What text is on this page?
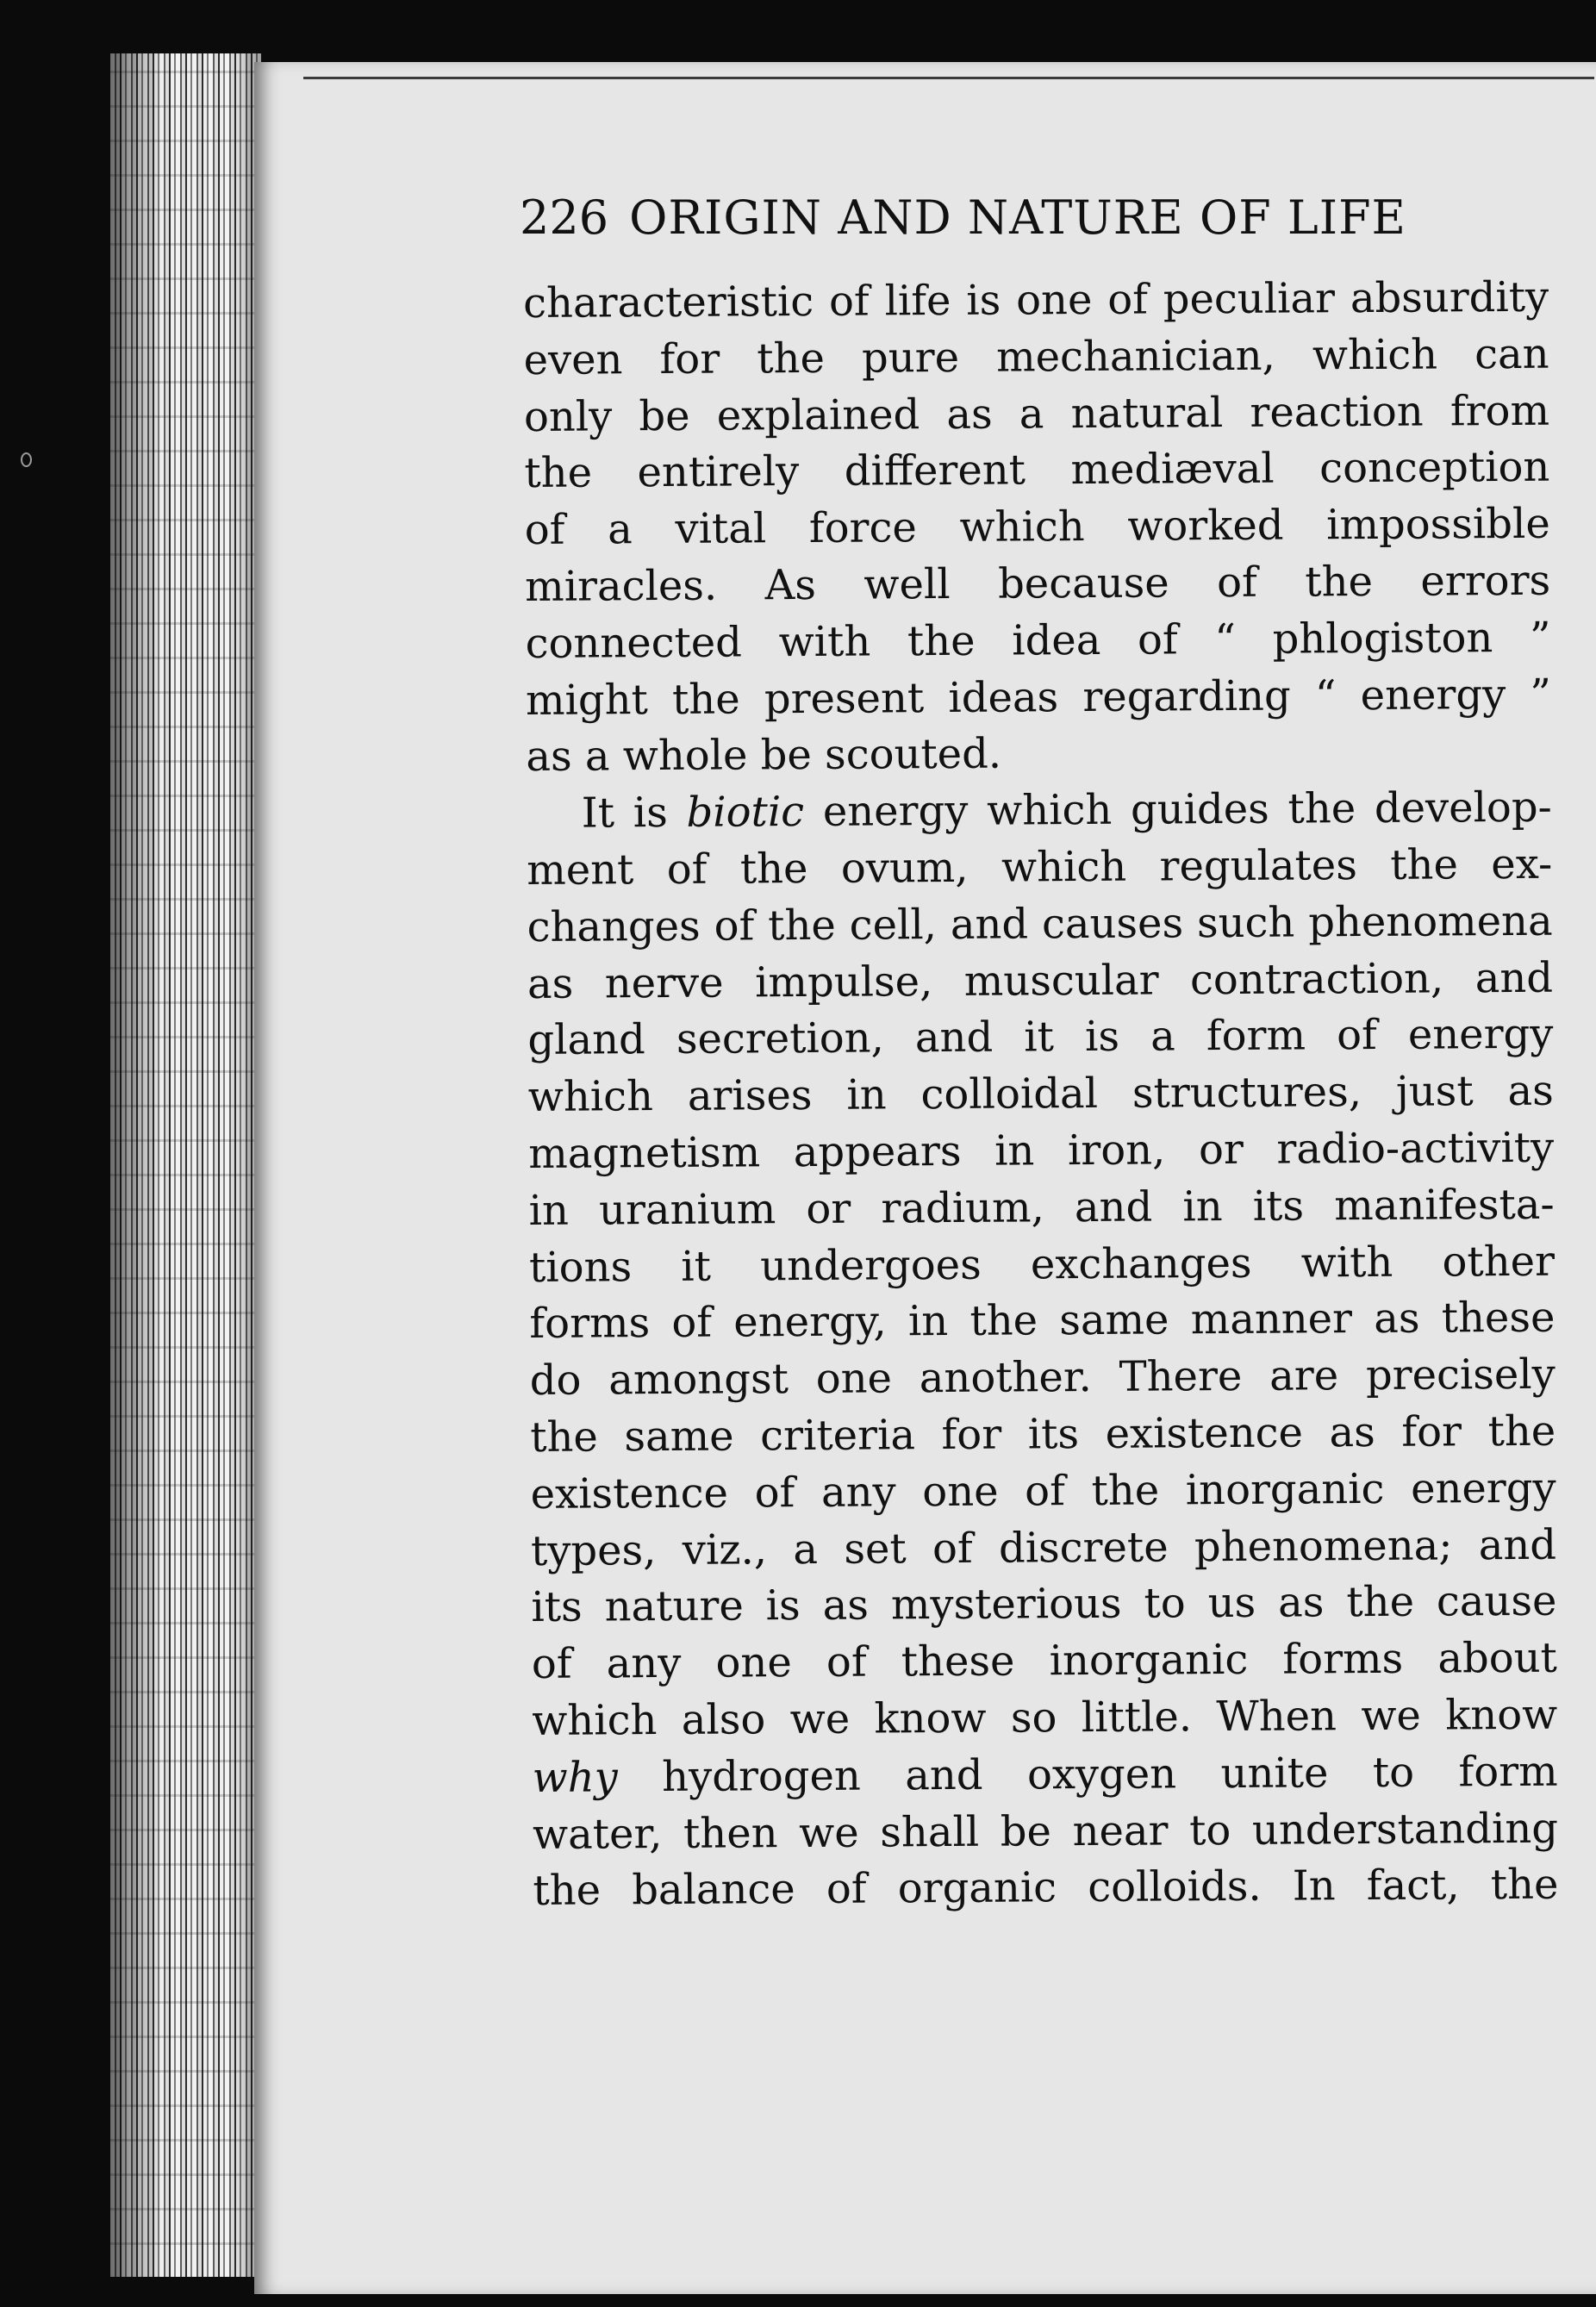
226 ORIGIN AND NATURE OF LIFE
characteristic of life is one of peculiar absurdity
even for the pure mechanician, which can
only be explained as a natural reaction from
the entirely different mediæval conception
of a vital force which worked impossible
miracles. As well because of the errors
connected with the idea of “ phlogiston ”
might the present ideas regarding “ energy ”
as a whole be scouted.
It is biotic energy which guides the develop-
ment of the ovum, which regulates the ex-
changes of the cell, and causes such phenomena
as nerve impulse, muscular contraction, and
gland secretion, and it is a form of energy
which arises in colloidal structures, just as
magnetism appears in iron, or radio-activity
in uranium or radium, and in its manifesta-
tions it undergoes exchanges with other
forms of energy, in the same manner as these
do amongst one another. There are precisely
the same criteria for its existence as for the
existence of any one of the inorganic energy
types, viz., a set of discrete phenomena; and
its nature is as mysterious to us as the cause
of any one of these inorganic forms about
which also we know so little. When we know
why hydrogen and oxygen unite to form
water, then we shall be near to understanding
the balance of organic colloids. In fact, the
